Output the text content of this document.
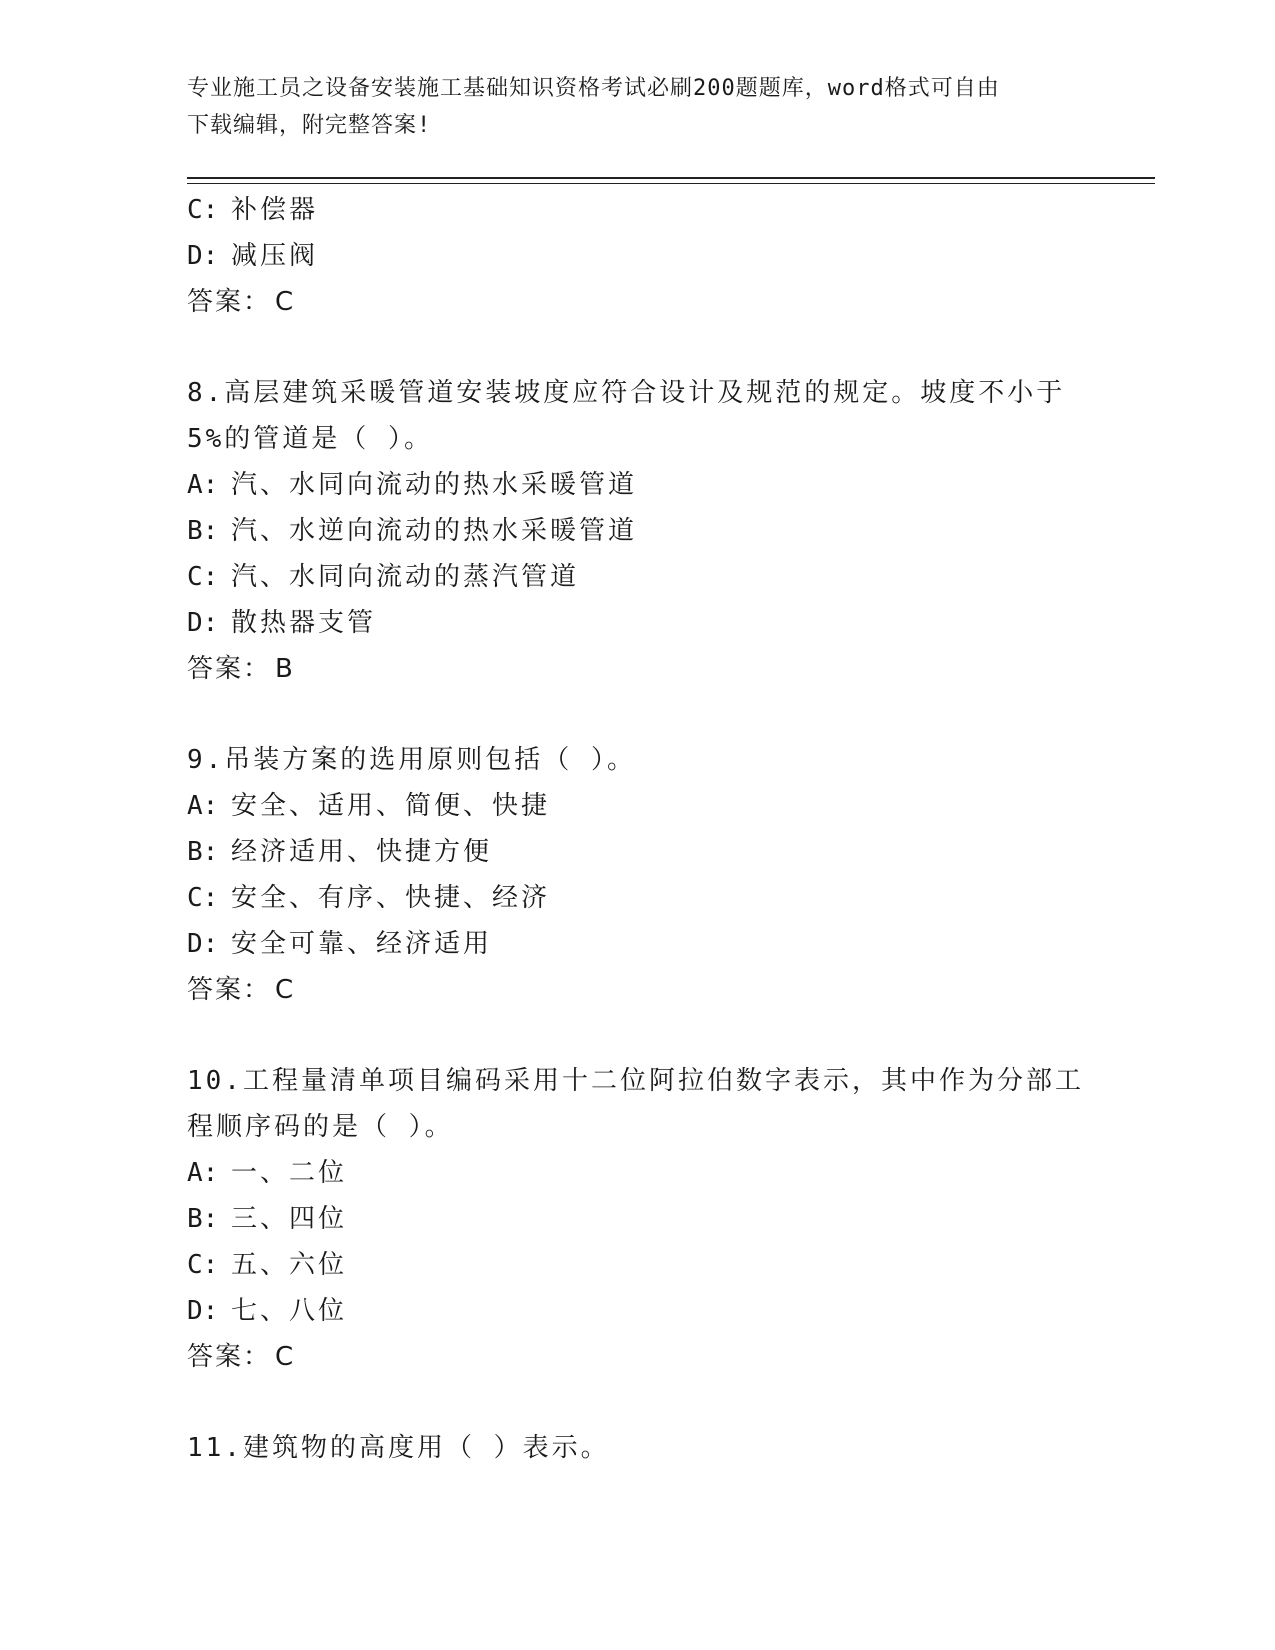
专业施工员之设备安装施工基础知识资格考试必刷200题题库，word格式可自由
下载编辑，附完整答案!
C: 补偿器
D: 减压阀
答案： C
8.高层建筑采暖管道安装坡度应符合设计及规范的规定。坡度不小于
5%的管道是（ ）。
A: 汽、水同向流动的热水采暖管道
B: 汽、水逆向流动的热水采暖管道
C: 汽、水同向流动的蒸汽管道
D: 散热器支管
答案： B
9.吊装方案的选用原则包括（ ）。
A: 安全、适用、简便、快捷
B: 经济适用、快捷方便
C: 安全、有序、快捷、经济
D: 安全可靠、经济适用
答案： C
10.工程量清单项目编码采用十二位阿拉伯数字表示，其中作为分部工
程顺序码的是（ ）。
A: 一、二位
B: 三、四位
C: 五、六位
D: 七、八位
答案： C
11.建筑物的高度用（ ）表示。
